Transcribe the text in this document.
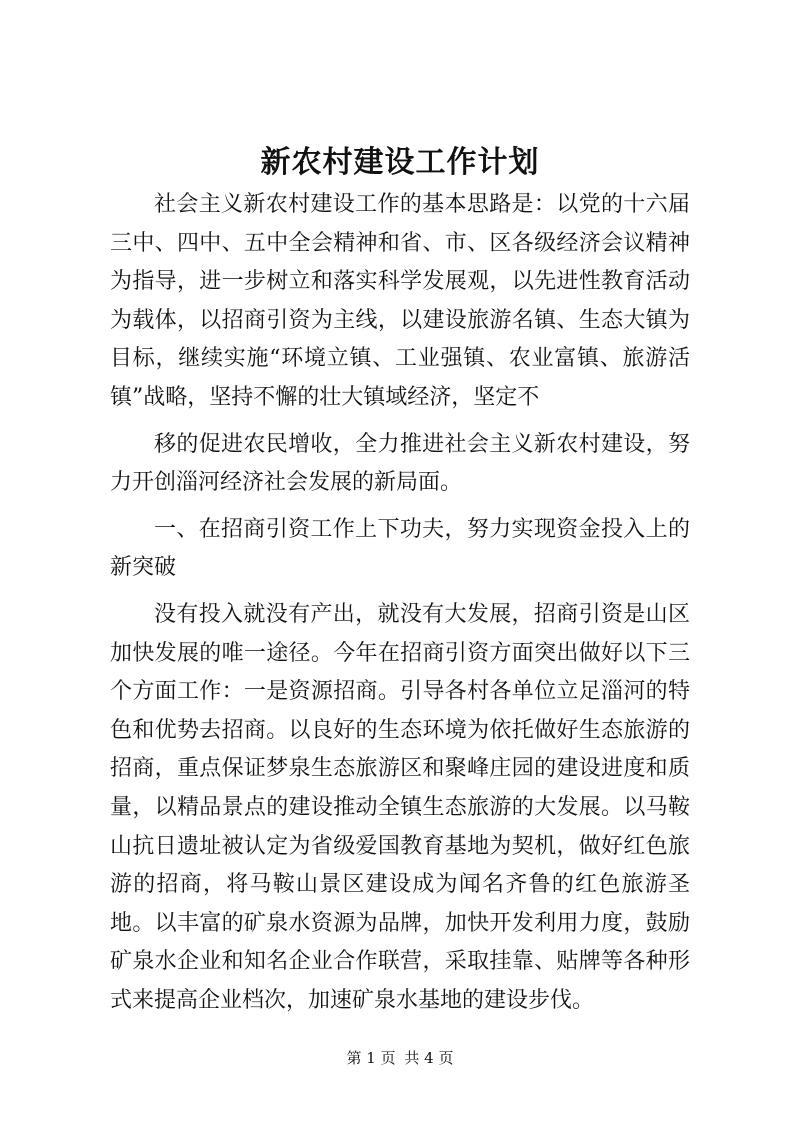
新农村建设工作计划

社会主义新农村建设工作的基本思路是：以党的十六届三中、四中、五中全会精神和省、市、区各级经济会议精神为指导，进一步树立和落实科学发展观，以先进性教育活动为载体，以招商引资为主线，以建设旅游名镇、生态大镇为目标，继续实施“环境立镇、工业强镇、农业富镇、旅游活镇”战略，坚持不懈的壮大镇域经济，坚定不

移的促进农民增收，全力推进社会主义新农村建设，努力开创淄河经济社会发展的新局面。

一、在招商引资工作上下功夫，努力实现资金投入上的新突破

没有投入就没有产出，就没有大发展，招商引资是山区加快发展的唯一途径。今年在招商引资方面突出做好以下三个方面工作：一是资源招商。引导各村各单位立足淄河的特色和优势去招商。以良好的生态环境为依托做好生态旅游的招商，重点保证梦泉生态旅游区和聚峰庄园的建设进度和质量，以精品景点的建设推动全镇生态旅游的大发展。以马鞍山抗日遗址被认定为省级爱国教育基地为契机，做好红色旅游的招商，将马鞍山景区建设成为闻名齐鲁的红色旅游圣地。以丰富的矿泉水资源为品牌，加快开发利用力度，鼓励矿泉水企业和知名企业合作联营，采取挂靠、贴牌等各种形式来提高企业档次，加速矿泉水基地的建设步伐。

第 1 页 共 4 页
